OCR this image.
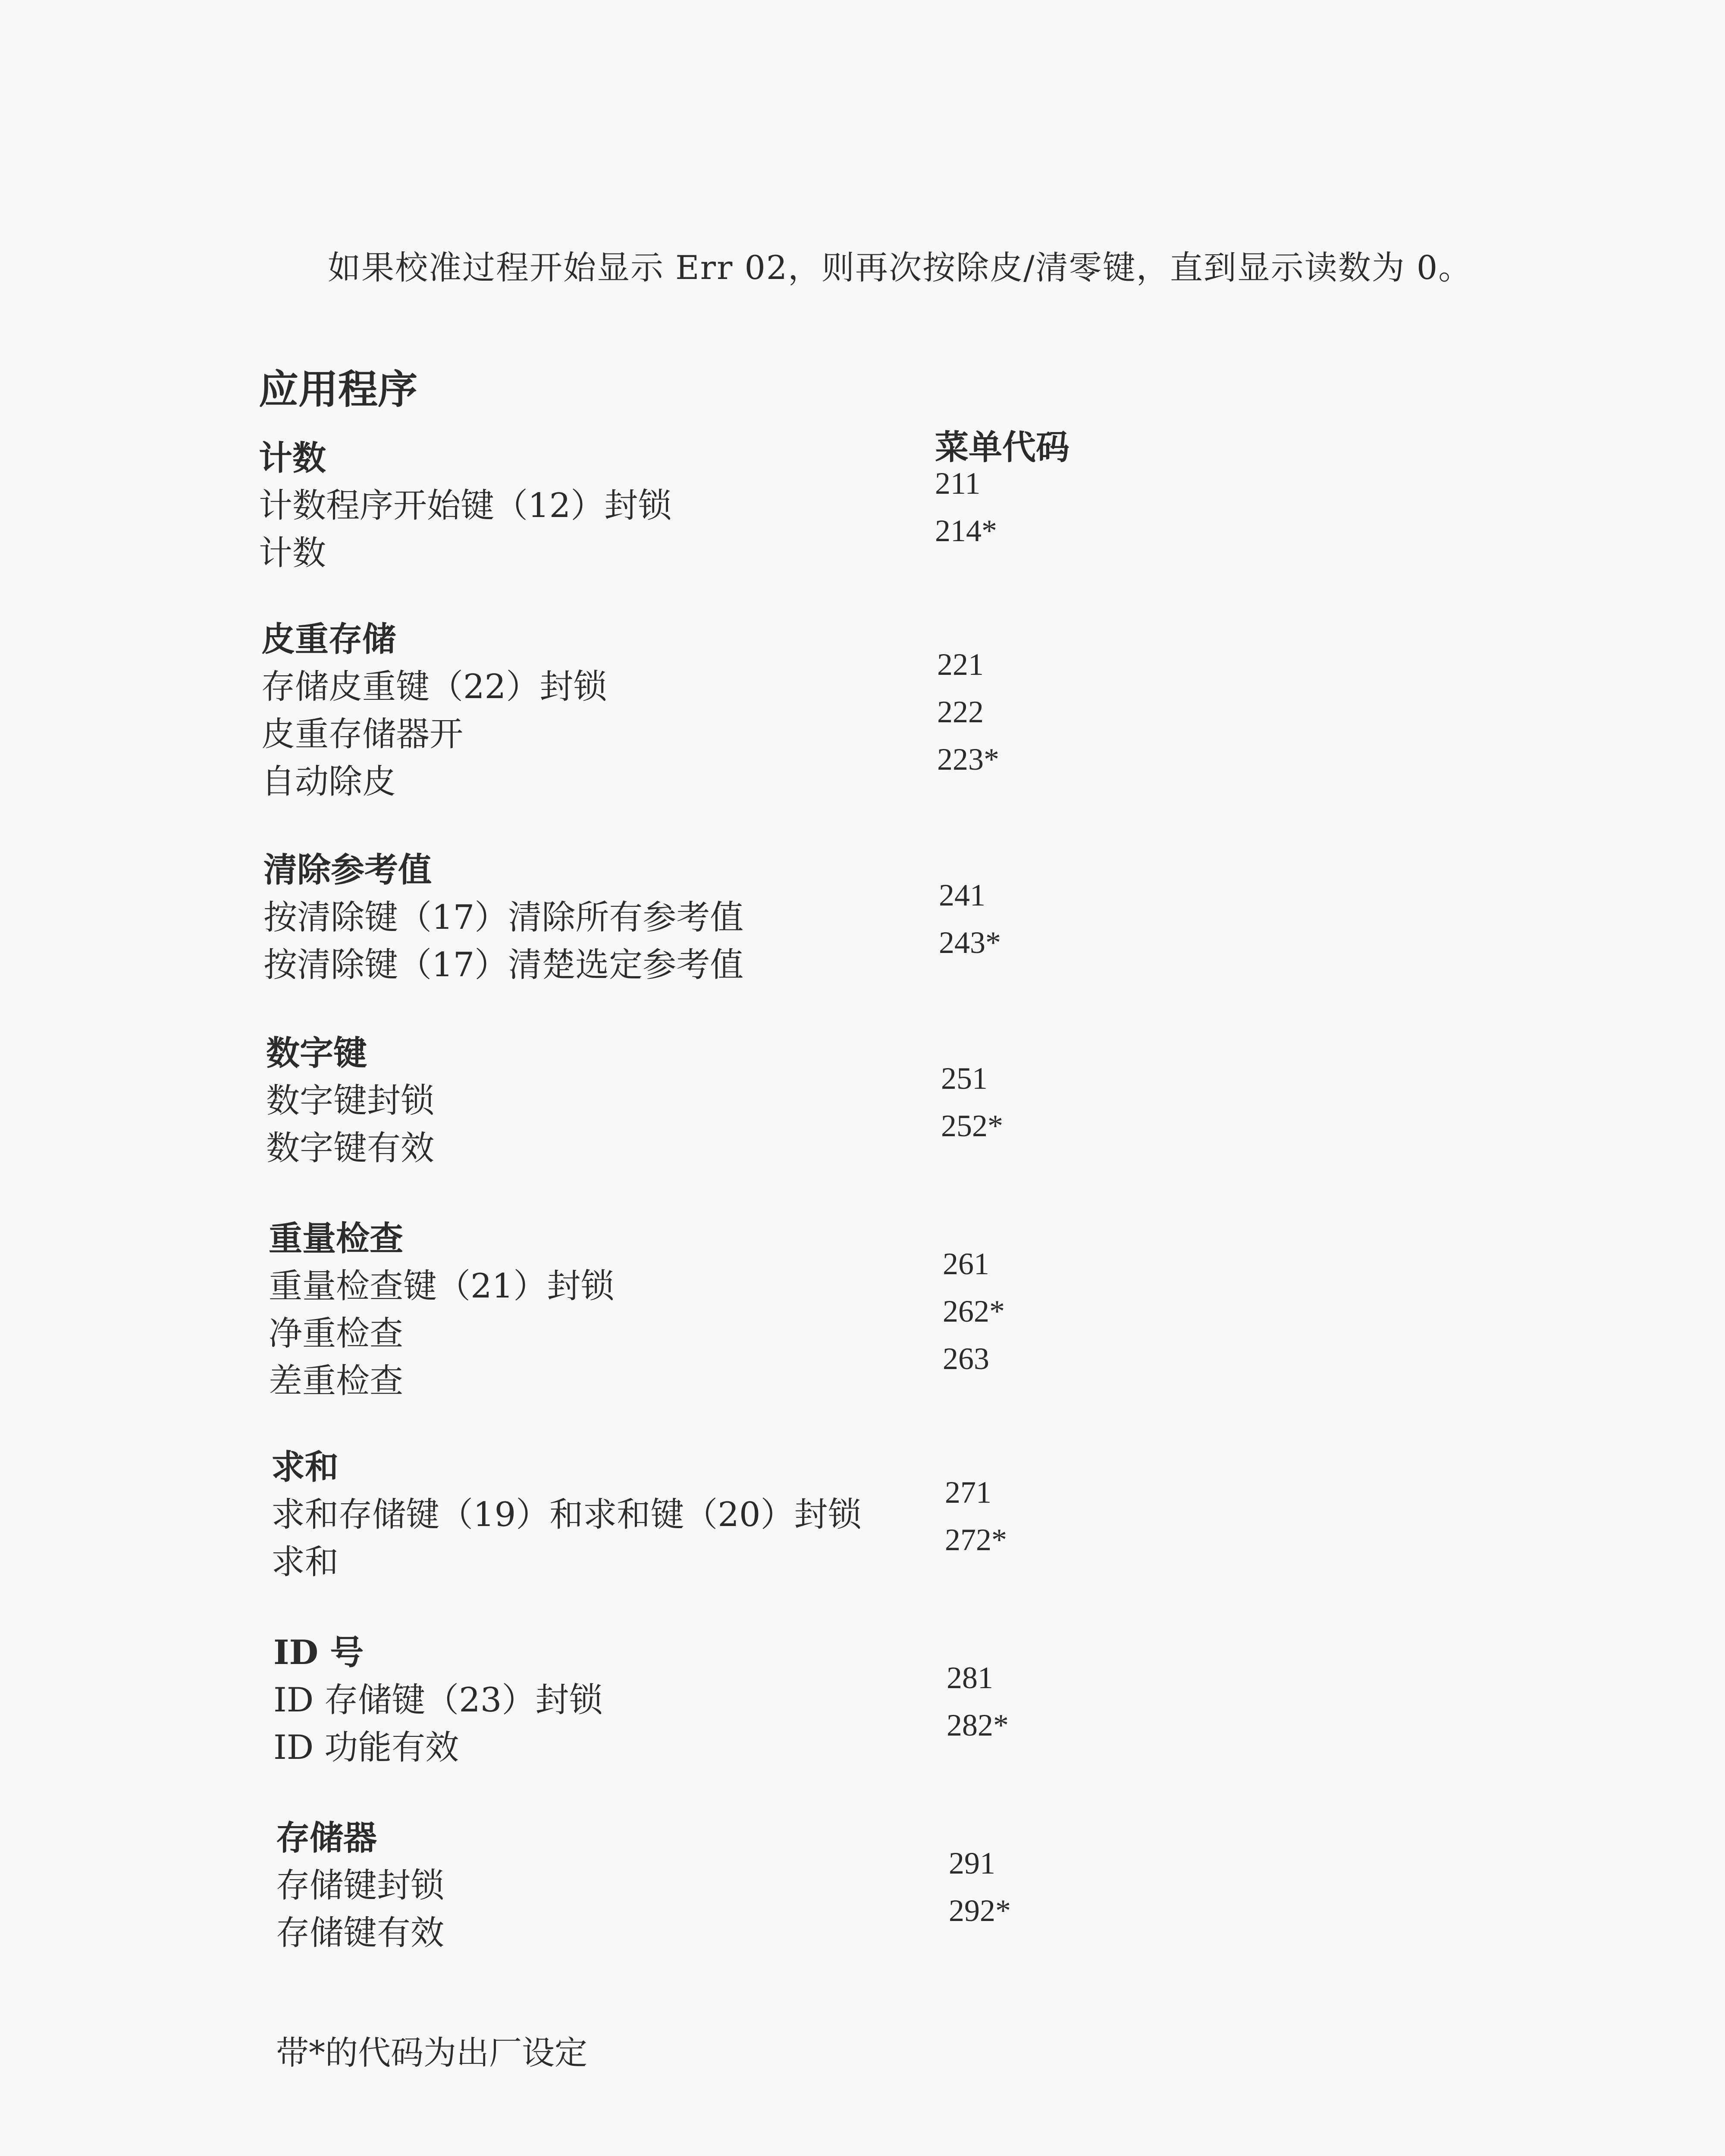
如果校准过程开始显示 Err 02，则再次按除皮/清零键，直到显示读数为 0。
应用程序
菜单代码
计数
计数程序开始键（12）封锁
211
计数
214*
皮重存储
存储皮重键（22）封锁
221
皮重存储器开
222
自动除皮
223*
清除参考值
按清除键（17）清除所有参考值
241
按清除键（17）清楚选定参考值
243*
数字键
数字键封锁
251
数字键有效
252*
重量检查
重量检查键（21）封锁
261
净重检查
262*
差重检查
263
求和
求和存储键（19）和求和键（20）封锁
271
求和
272*
ID 号
ID 存储键（23）封锁
281
ID 功能有效
282*
存储器
存储键封锁
291
存储键有效
292*
带*的代码为出厂设定
